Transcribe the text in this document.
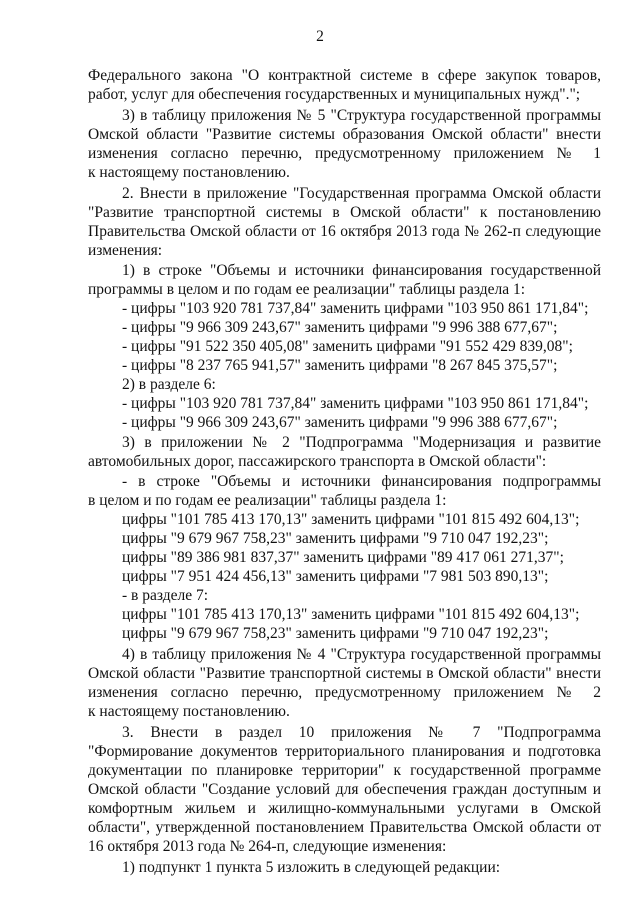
2

Федерального закона "О контрактной системе в сфере закупок товаров,

работ, услуг для обеспечения государственных и муниципальных нужд".";

3) в таблицу приложения № 5 "Структура государственной программы

Омской области "Развитие системы образования Омской области" внести

изменения согласно перечню, предусмотренному приложением № 1

к настоящему постановлению.

2. Внести в приложение "Государственная программа Омской области

"Развитие транспортной системы в Омской области" к постановлению

Правительства Омской области от 16 октября 2013 года № 262-п следующие

изменения:

1) в строке "Объемы и источники финансирования государственной

программы в целом и по годам ее реализации" таблицы раздела 1:

- цифры "103 920 781 737,84" заменить цифрами "103 950 861 171,84";

- цифры "9 966 309 243,67" заменить цифрами "9 996 388 677,67";

- цифры "91 522 350 405,08" заменить цифрами "91 552 429 839,08";

- цифры "8 237 765 941,57" заменить цифрами "8 267 845 375,57";

2) в разделе 6:

- цифры "103 920 781 737,84" заменить цифрами "103 950 861 171,84";

- цифры "9 966 309 243,67" заменить цифрами "9 996 388 677,67";

3) в приложении № 2 "Подпрограмма "Модернизация и развитие

автомобильных дорог, пассажирского транспорта в Омской области":

- в строке "Объемы и источники финансирования подпрограммы

в целом и по годам ее реализации" таблицы раздела 1:

цифры "101 785 413 170,13" заменить цифрами "101 815 492 604,13";

цифры "9 679 967 758,23" заменить цифрами "9 710 047 192,23";

цифры "89 386 981 837,37" заменить цифрами "89 417 061 271,37";

цифры "7 951 424 456,13" заменить цифрами "7 981 503 890,13";

- в разделе 7:

цифры "101 785 413 170,13" заменить цифрами "101 815 492 604,13";

цифры "9 679 967 758,23" заменить цифрами "9 710 047 192,23";

4) в таблицу приложения № 4 "Структура государственной программы

Омской области "Развитие транспортной системы в Омской области" внести

изменения согласно перечню, предусмотренному приложением № 2

к настоящему постановлению.

3. Внести в раздел 10 приложения № 7 "Подпрограмма

"Формирование документов территориального планирования и подготовка

документации по планировке территории" к государственной программе

Омской области "Создание условий для обеспечения граждан доступным и

комфортным жильем и жилищно-коммунальными услугами в Омской

области", утвержденной постановлением Правительства Омской области от

16 октября 2013 года № 264-п, следующие изменения:

1) подпункт 1 пункта 5 изложить в следующей редакции:
